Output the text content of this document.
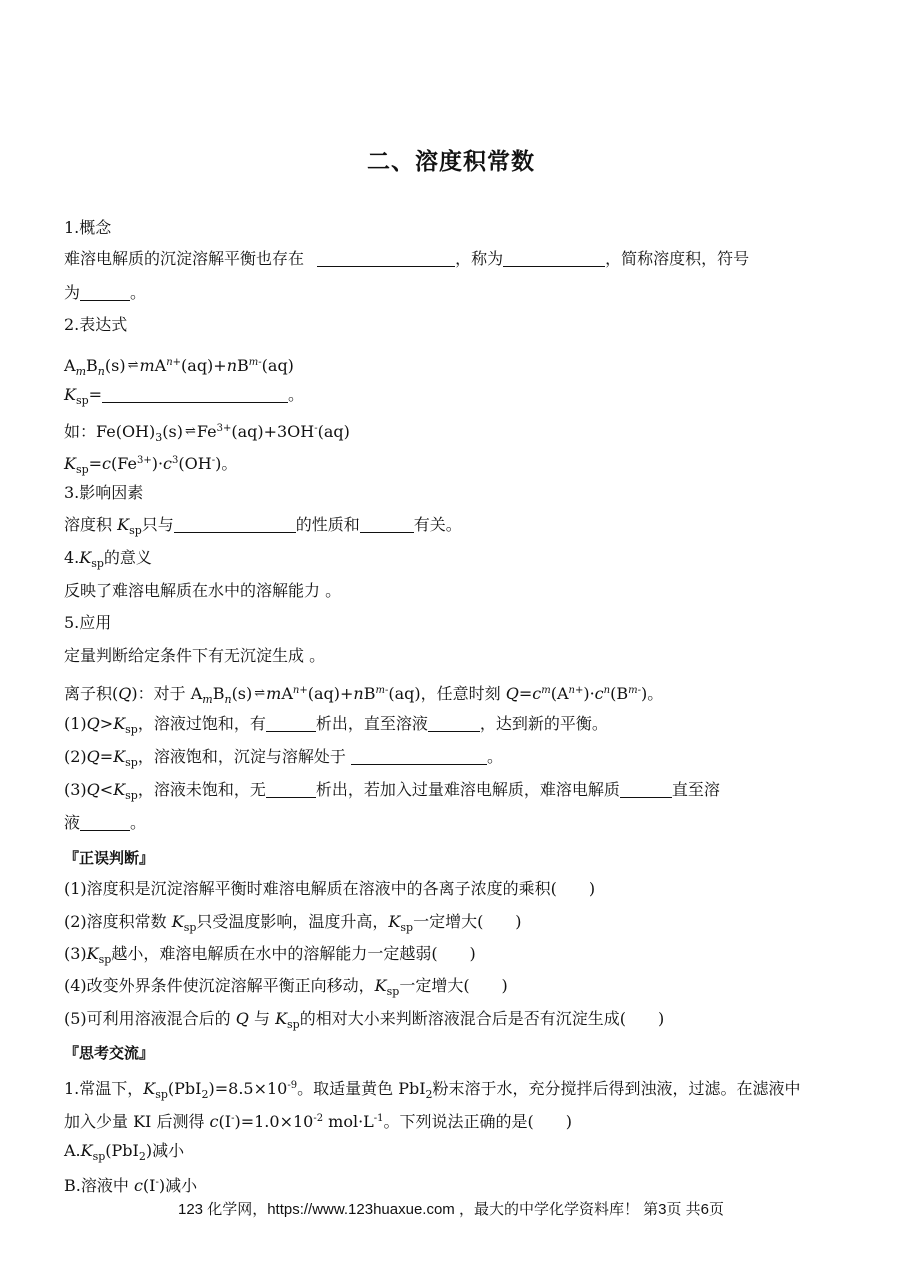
二、溶度积常数
1.概念
难溶电解质的沉淀溶解平衡也存在	，称为	，简称溶度积，符号
为	。
2.表达式
$A_mB_n(s)$ ⇌ $mA^{n+}(aq)+nB^{m-}(aq)$
$K_{sp}=$	。
如：$Fe(OH)_3(s)$ ⇌ $Fe^{3+}(aq)+3OH^-(aq)$
$K_{sp}=c(Fe^{3+})\cdot c^3(OH^-)$。
3.影响因素
溶度积 $K_{sp}$只与	的性质和	有关。
$4.K_{sp}$的意义
反映了难溶电解质在水中的溶解能力 。
5.应用
定量判断给定条件下有无沉淀生成 。
离子积(Q)：对于 $A_mB_n(s)$ ⇌ $mA^{n+}(aq)+nB^{m-}(aq)$，任意时刻 $Q=c^m(A^{n+})\cdot c^n(B^{m-})$。
$(1)Q>K_{sp}$，溶液过饱和，有	析出，直至溶液	，达到新的平衡。
$(2)Q=K_{sp}$，溶液饱和，沉淀与溶解处于	。
$(3)Q<K_{sp}$，溶液未饱和，无	析出，若加入过量难溶电解质，难溶电解质	直至溶
液	。
『正误判断』
(1)溶度积是沉淀溶解平衡时难溶电解质在溶液中的各离子浓度的乘积(　　)
(2)溶度积常数 $K_{sp}$只受温度影响，温度升高，$K_{sp}$一定增大(　　)
$(3)K_{sp}$越小，难溶电解质在水中的溶解能力一定越弱(　　)
(4)改变外界条件使沉淀溶解平衡正向移动，$K_{sp}$一定增大(　　)
(5)可利用溶液混合后的 Q 与 $K_{sp}$的相对大小来判断溶液混合后是否有沉淀生成(　　)
『思考交流』
1.常温下，$K_{sp}(PbI_2)=8.5\times 10^{-9}$。取适量黄色 PbI$_2$粉末溶于水，充分搅拌后得到浊液，过滤。在滤液中
加入少量 KI 后测得 $c(I^-)=1.0\times 10^{-2}$ $mol\cdot L^{-1}$。下列说法正确的是(　　)
$A.K_{sp}(PbI_2)$减小
B.溶液中 c(I-)减小
123 化学网，https://www.123huaxue.com ，最大的中学化学资料库！ 第3页 共6页
